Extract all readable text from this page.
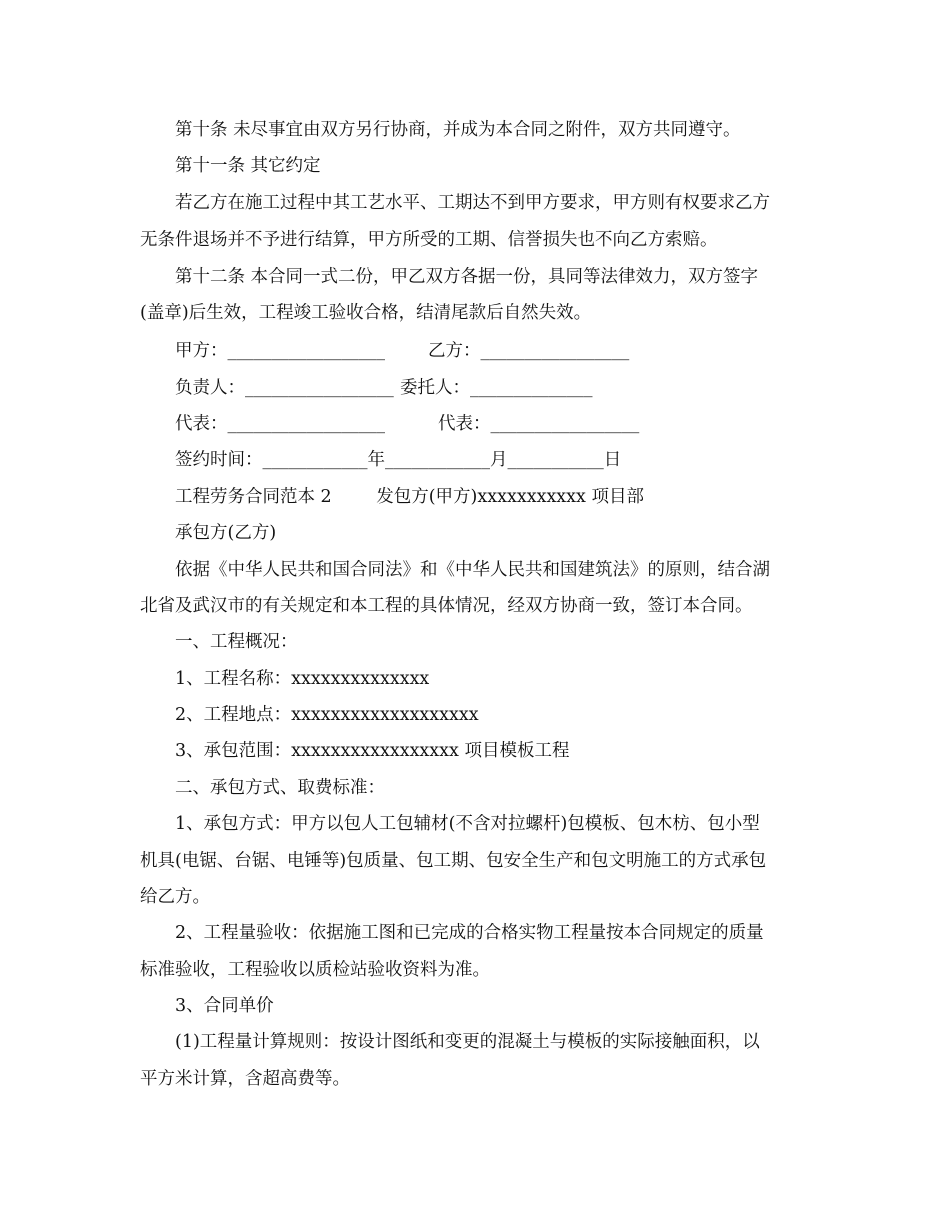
第十条 未尽事宜由双方另行协商，并成为本合同之附件，双方共同遵守。
第十一条 其它约定
若乙方在施工过程中其工艺水平、工期达不到甲方要求，甲方则有权要求乙方
无条件退场并不予进行结算，甲方所受的工期、信誉损失也不向乙方索赔。
第十二条 本合同一式二份，甲乙双方各据一份，具同等法律效力，双方签字
(盖章)后生效，工程竣工验收合格，结清尾款后自然失效。
甲方：__________________ 乙方：_________________
负责人：_________________ 委托人：______________
代表：__________________	代表：_________________
签约时间：____________年____________月___________日
工程劳务合同范本 2        发包方(甲方)xxxxxxxxxxx 项目部
承包方(乙方)
依据《中华人民共和国合同法》和《中华人民共和国建筑法》的原则，结合湖
北省及武汉市的有关规定和本工程的具体情况，经双方协商一致，签订本合同。
一、工程概况：
1、工程名称：xxxxxxxxxxxxxx
2、工程地点：xxxxxxxxxxxxxxxxxxx
3、承包范围：xxxxxxxxxxxxxxxxx 项目模板工程
二、承包方式、取费标准：
1、承包方式：甲方以包人工包辅材(不含对拉螺杆)包模板、包木枋、包小型
机具(电锯、台锯、电锤等)包质量、包工期、包安全生产和包文明施工的方式承包
给乙方。
2、工程量验收：依据施工图和已完成的合格实物工程量按本合同规定的质量
标准验收，工程验收以质检站验收资料为准。
3、合同单价
(1)工程量计算规则：按设计图纸和变更的混凝土与模板的实际接触面积，以
平方米计算，含超高费等。
